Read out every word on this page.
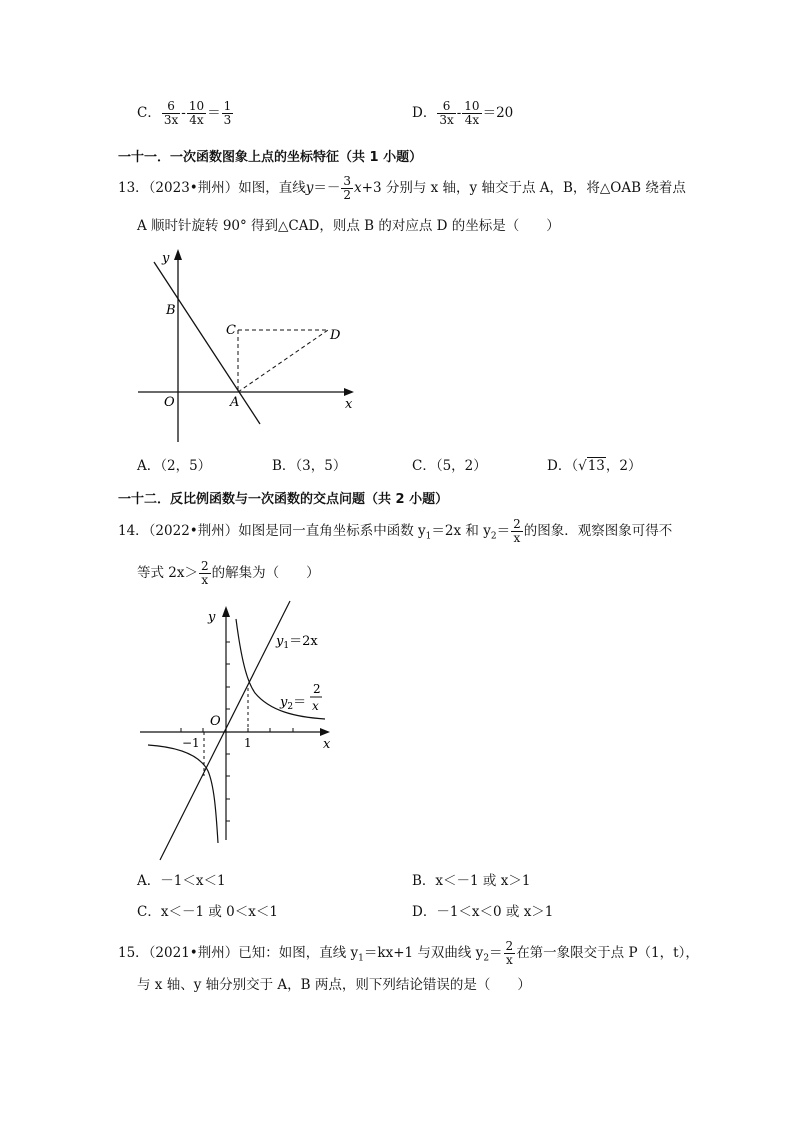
C． $\frac{6}{3x} - \frac{10}{4x} = \frac{1}{3}$	D． $\frac{6}{3x} - \frac{10}{4x} =20$
一十一．一次函数图象上点的坐标特征（共 1 小题）
13．（2023•荆州）如图，直线$y=- \frac{3}{2} x+3$ 分别与 x 轴，y 轴交于点 A，B，将△OAB 绕着点
A 顺时针旋转 90° 得到△CAD，则点 B 的对应点 D 的坐标是（　　）
y
x
O	A
B
C	D
A．（2，5）	B．（3，5）	C．（5，2）	D．（√13，2）
一十二．反比例函数与一次函数的交点问题（共 2 小题）
14．（2022•荆州）如图是同一直角坐标系中函数 $y_1=2x$ 和 $y_2= \frac{2}{x}$ 的图象．观察图象可得不
等式 $2x> \frac{2}{x}$ 的解集为（　　）
y
x
O
−1	1
$y_1=2x$
$y_2=$
2
x
A．－1＜x＜1	B．x＜－1 或 x＞1
C．x＜－1 或 0＜x＜1	D．－1＜x＜0 或 x＞1
15．（2021•荆州）已知：如图，直线 $y_1=kx+1$ 与双曲线 $y_2= \frac{2}{x}$ 在第一象限交于点 P（1，t），
与 x 轴、y 轴分别交于 A，B 两点，则下列结论错误的是（　　）
